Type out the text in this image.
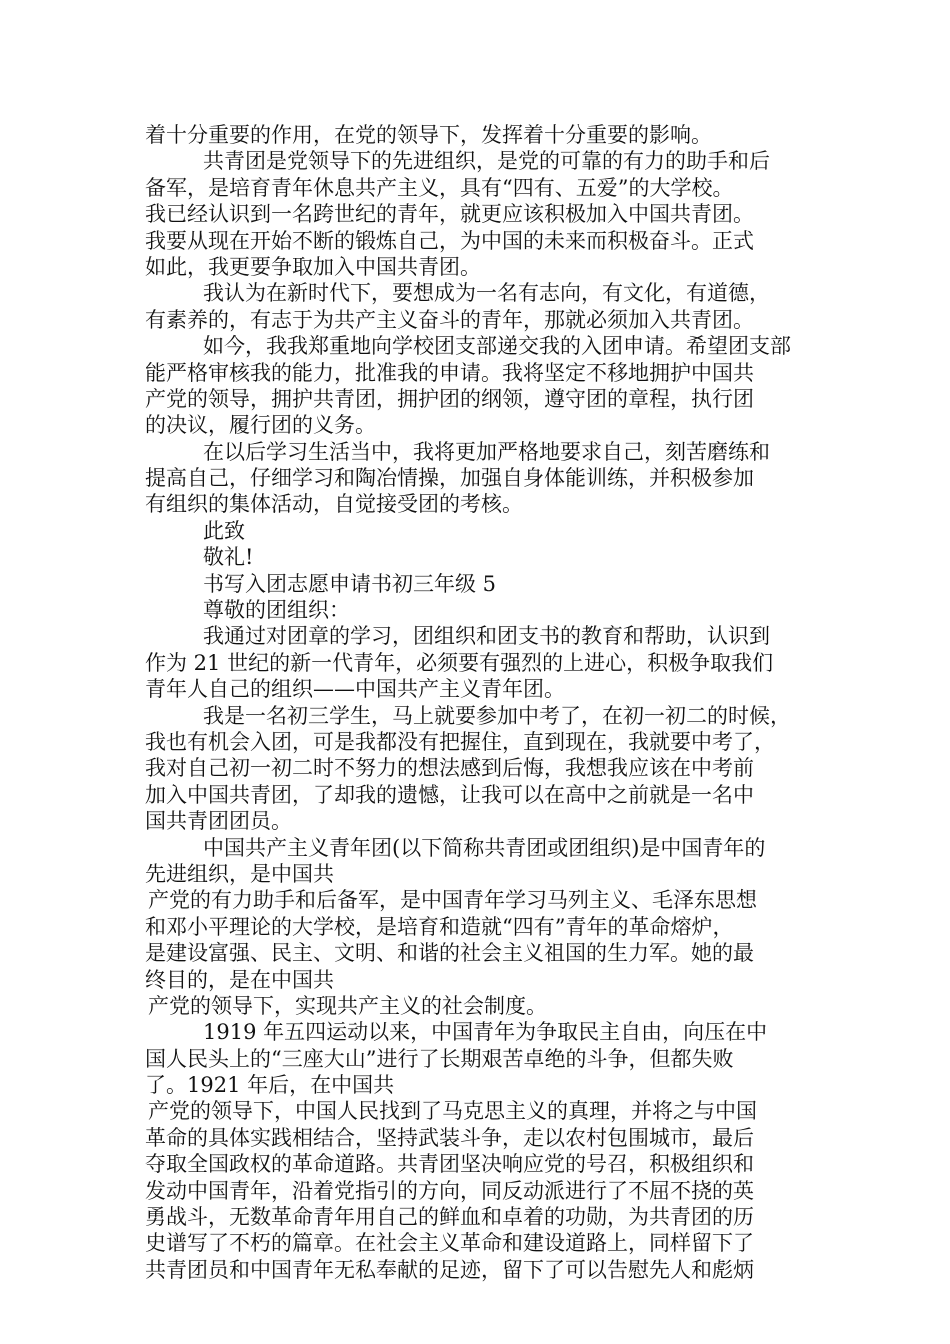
着十分重要的作用，在党的领导下，发挥着十分重要的影响。
共青团是党领导下的先进组织，是党的可靠的有力的助手和后
备军，是培育青年休息共产主义，具有“四有、五爱”的大学校。
我已经认识到一名跨世纪的青年，就更应该积极加入中国共青团。
我要从现在开始不断的锻炼自己，为中国的未来而积极奋斗。正式
如此，我更要争取加入中国共青团。
我认为在新时代下，要想成为一名有志向，有文化，有道德，
有素养的，有志于为共产主义奋斗的青年，那就必须加入共青团。
如今，我我郑重地向学校团支部递交我的入团申请。希望团支部
能严格审核我的能力，批准我的申请。我将坚定不移地拥护中国共
产党的领导，拥护共青团，拥护团的纲领，遵守团的章程，执行团
的决议，履行团的义务。
在以后学习生活当中，我将更加严格地要求自己，刻苦磨练和
提高自己，仔细学习和陶冶情操，加强自身体能训练，并积极参加
有组织的集体活动，自觉接受团的考核。
此致
敬礼!
书写入团志愿申请书初三年级 5
尊敬的团组织：
我通过对团章的学习，团组织和团支书的教育和帮助，认识到
作为 21 世纪的新一代青年，必须要有强烈的上进心，积极争取我们
青年人自己的组织——中国共产主义青年团。
我是一名初三学生，马上就要参加中考了，在初一初二的时候，
我也有机会入团，可是我都没有把握住，直到现在，我就要中考了，
我对自己初一初二时不努力的想法感到后悔，我想我应该在中考前
加入中国共青团，了却我的遗憾，让我可以在高中之前就是一名中
国共青团团员。
中国共产主义青年团(以下简称共青团或团组织)是中国青年的
先进组织，是中国共
产党的有力助手和后备军，是中国青年学习马列主义、毛泽东思想
和邓小平理论的大学校，是培育和造就“四有”青年的革命熔炉，
是建设富强、民主、文明、和谐的社会主义祖国的生力军。她的最
终目的，是在中国共
产党的领导下，实现共产主义的社会制度。
1919 年五四运动以来，中国青年为争取民主自由，向压在中
国人民头上的“三座大山”进行了长期艰苦卓绝的斗争，但都失败
了。1921 年后，在中国共
产党的领导下，中国人民找到了马克思主义的真理，并将之与中国
革命的具体实践相结合，坚持武装斗争，走以农村包围城市，最后
夺取全国政权的革命道路。共青团坚决响应党的号召，积极组织和
发动中国青年，沿着党指引的方向，同反动派进行了不屈不挠的英
勇战斗，无数革命青年用自己的鲜血和卓着的功勋，为共青团的历
史谱写了不朽的篇章。在社会主义革命和建设道路上，同样留下了
共青团员和中国青年无私奉献的足迹，留下了可以告慰先人和彪炳
